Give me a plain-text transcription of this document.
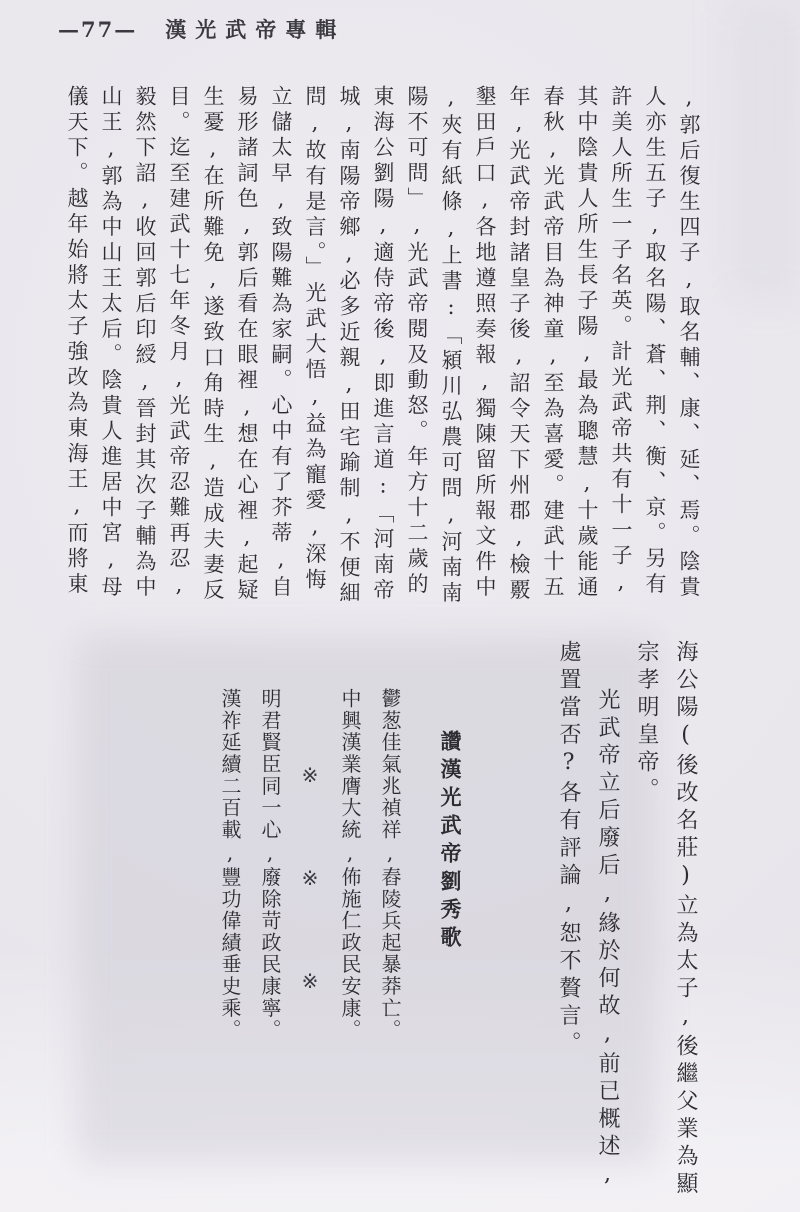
—77— 漢光武帝專輯
,郭后復生四子,取名輔、康、延、焉。陰貴
人亦生五子,取名陽、蒼、荆、衡、京。另有
許美人所生一子名英。計光武帝共有十一子,
其中陰貴人所生長子陽,最為聰慧,十歲能通
春秋,光武帝目為神童,至為喜愛。建武十五
年,光武帝封諸皇子後,詔令天下州郡,檢覈
墾田戶口,各地遵照奏報,獨陳留所報文件中
,夾有紙條,上書:「潁川弘農可問,河南南
陽不可問」,光武帝閱及動怒。年方十二歲的
東海公劉陽,適侍帝後,即進言道:「河南帝
城,南陽帝鄉,必多近親,田宅踰制,不便細
問,故有是言。」光武大悟,益為寵愛,深悔
立儲太早,致陽難為家嗣。心中有了芥蒂,自
易形諸詞色,郭后看在眼裡,想在心裡,起疑
生憂,在所難免,遂致口角時生,造成夫妻反
目。迄至建武十七年冬月,光武帝忍難再忍,
毅然下詔,收回郭后印綬,晉封其次子輔為中
山王,郭為中山王太后。陰貴人進居中宮,母
儀天下。越年始將太子強改為東海王,而將東
海公陽(後改名莊)立為太子,後繼父業為顯
宗孝明皇帝。
光武帝立后廢后,緣於何故,前已概述,
處置當否?各有評論,恕不贅言。
讚漢光武帝劉秀歌
鬱葱佳氣兆禎祥,舂陵兵起暴莽亡。
中興漢業膺大統,佈施仁政民安康。
※　　※　　※
明君賢臣同一心,廢除苛政民康寧。
漢祚延續二百載,豐功偉績垂史乘。
